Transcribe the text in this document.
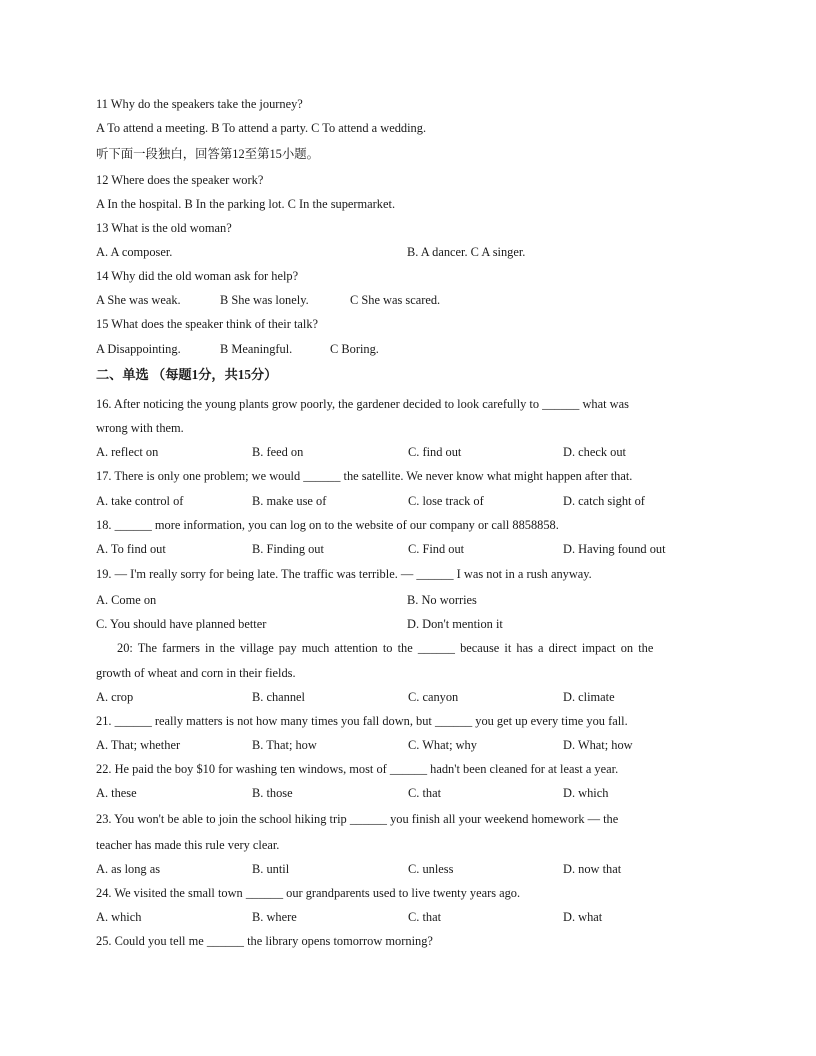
11 Why do the speakers take the journey?
A To attend a meeting. B To attend a party. C To attend a wedding.
听下面一段独白，回答第12至第15小题。
12 Where does the speaker work?
A In the hospital. B In the parking lot. C In the supermarket.
13 What is the old woman?
A. A composer.	B. A dancer. C A singer.
14 Why did the old woman ask for help?
A She was weak.	B She was lonely.	C She was scared.
15 What does the speaker think of their talk?
A Disappointing.	B Meaningful.	C Boring.
二、单选 （每题1分，共15分）
16. After noticing the young plants grow poorly, the gardener decided to look carefully to ______ what was
wrong with them.
A. reflect on	B. feed on	C. find out	D. check out
17. There is only one problem; we would ______ the satellite. We never know what might happen after that.
A. take control of	B. make use of	C. lose track of	D. catch sight of
18. ______ more information, you can log on to the website of our company or call 8858858.
A. To find out	B. Finding out	C. Find out	D. Having found out
19. — I'm really sorry for being late. The traffic was terrible. — ______ I was not in a rush anyway.
A. Come on	B. No worries
C. You should have planned better	D. Don't mention it
20: The farmers in the village pay much attention to the ______ because it has a direct impact on the
growth of wheat and corn in their fields.
A. crop	B. channel	C. canyon	D. climate
21. ______ really matters is not how many times you fall down, but ______ you get up every time you fall.
A. That; whether	B. That; how	C. What; why	D. What; how
22. He paid the boy $10 for washing ten windows, most of ______ hadn't been cleaned for at least a year.
A. these	B. those	C. that	D. which
23. You won't be able to join the school hiking trip ______ you finish all your weekend homework — the
teacher has made this rule very clear.
A. as long as	B. until	C. unless	D. now that
24. We visited the small town ______ our grandparents used to live twenty years ago.
A. which	B. where	C. that	D. what
25. Could you tell me ______ the library opens tomorrow morning?
